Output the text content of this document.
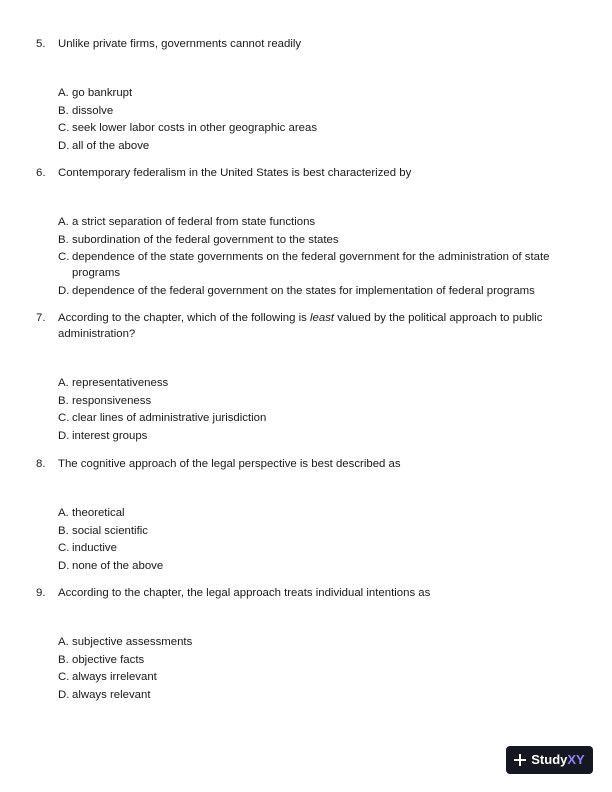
5. Unlike private firms, governments cannot readily
A. go bankrupt
B. dissolve
C. seek lower labor costs in other geographic areas
D. all of the above
6. Contemporary federalism in the United States is best characterized by
A. a strict separation of federal from state functions
B. subordination of the federal government to the states
C. dependence of the state governments on the federal government for the administration of state programs
D. dependence of the federal government on the states for implementation of federal programs
7. According to the chapter, which of the following is least valued by the political approach to public administration?
A. representativeness
B. responsiveness
C. clear lines of administrative jurisdiction
D. interest groups
8. The cognitive approach of the legal perspective is best described as
A. theoretical
B. social scientific
C. inductive
D. none of the above
9. According to the chapter, the legal approach treats individual intentions as
A. subjective assessments
B. objective facts
C. always irrelevant
D. always relevant
Study XY
